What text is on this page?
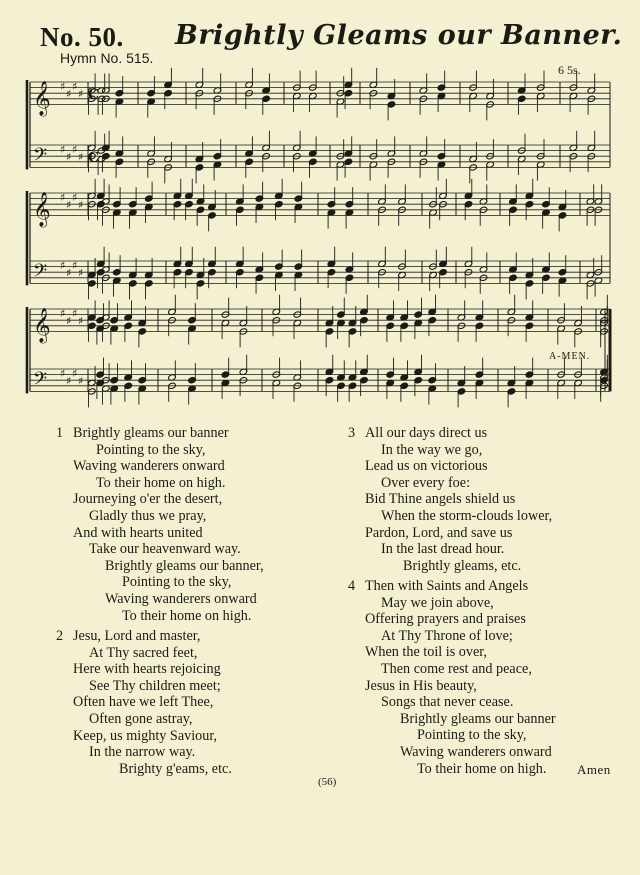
No. 50. Brightly Gleams our Banner.
Hymn No. 515.
6 5s.
𝄞 ♯
♯
♯
♯ C
𝄢 ♯
♯
♯
♯ C
𝄞 ♯
♯
♯
♯
𝄢 ♯
♯
♯
♯
𝄞 ♯
♯
♯
♯
𝄢 ♯
♯
♯
♯
A-MEN.
1 Brightly gleams our banner
Pointing to the sky,
Waving wanderers onward
To their home on high.
Journeying o'er the desert,
Gladly thus we pray,
And with hearts united
Take our heavenward way.
Brightly gleams our banner,
Pointing to the sky,
Waving wanderers onward
To their home on high.
2 Jesu, Lord and master,
At Thy sacred feet,
Here with hearts rejoicing
See Thy children meet;
Often have we left Thee,
Often gone astray,
Keep, us mighty Saviour,
In the narrow way.
Brighty g'eams, etc.
3 All our days direct us
In the way we go,
Lead us on victorious
Over every foe:
Bid Thine angels shield us
When the storm-clouds lower,
Pardon, Lord, and save us
In the last dread hour.
Brightly gleams, etc.
4 Then with Saints and Angels
May we join above,
Offering prayers and praises
At Thy Throne of love;
When the toil is over,
Then come rest and peace,
Jesus in His beauty,
Songs that never cease.
Brightly gleams our banner
Pointing to the sky,
Waving wanderers onward
To their home on high.	Amen
(56)
